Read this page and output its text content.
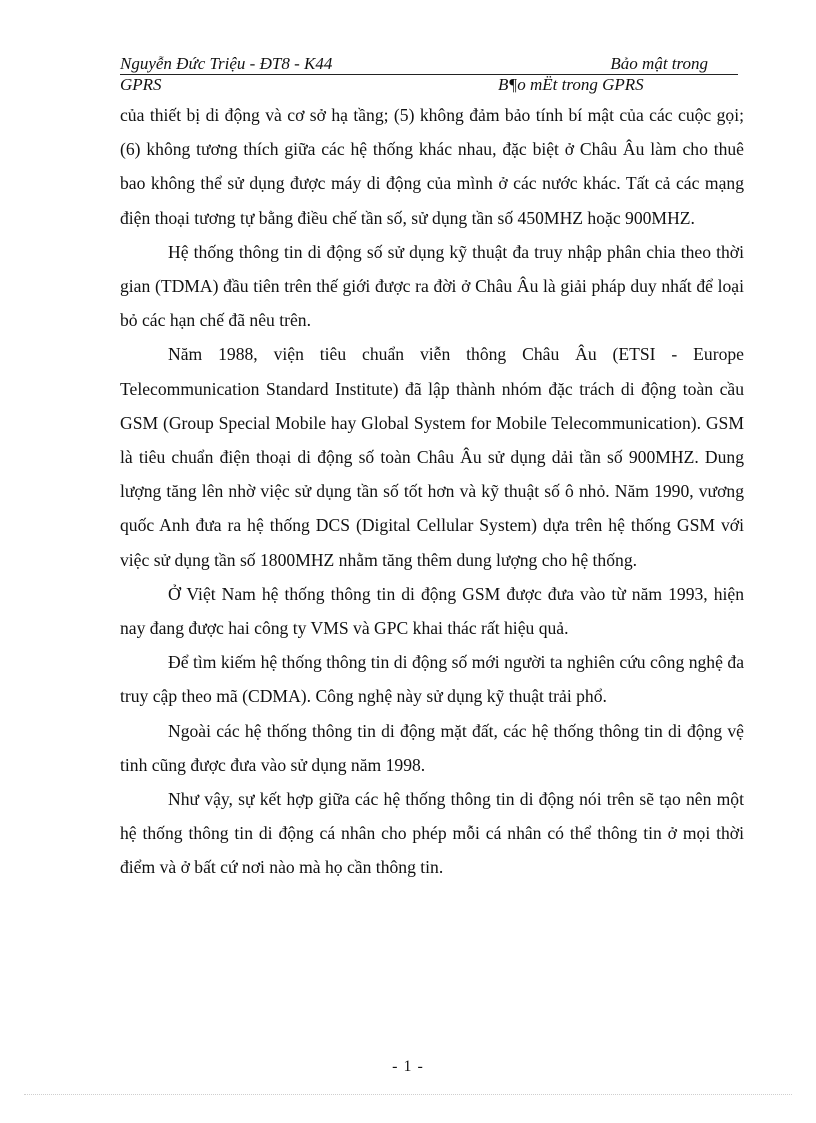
Nguyễn Đức Triệu - ĐT8 - K44	Bảo mật trong
GPRS	B¶o mËt trong GPRS

của thiết bị di động và cơ sở hạ tầng; (5) không đảm bảo tính bí mật của các cuộc gọi; (6) không tương thích giữa các hệ thống khác nhau, đặc biệt ở Châu Âu làm cho thuê bao không thể sử dụng được máy di động của mình ở các nước khác. Tất cả các mạng điện thoại tương tự bằng điều chế tần số, sử dụng tần số 450MHZ hoặc 900MHZ.

Hệ thống thông tin di động số sử dụng kỹ thuật đa truy nhập phân chia theo thời gian (TDMA) đầu tiên trên thế giới được ra đời ở Châu Âu là giải pháp duy nhất để loại bỏ các hạn chế đã nêu trên.

Năm 1988, viện tiêu chuẩn viễn thông Châu Âu (ETSI - Europe Telecommunication Standard Institute) đã lập thành nhóm đặc trách di động toàn cầu GSM (Group Special Mobile hay Global System for Mobile Telecommunication). GSM là tiêu chuẩn điện thoại di động số toàn Châu Âu sử dụng dải tần số 900MHZ. Dung lượng tăng lên nhờ việc sử dụng tần số tốt hơn và kỹ thuật số ô nhỏ. Năm 1990, vương quốc Anh đưa ra hệ thống DCS (Digital Cellular System) dựa trên hệ thống GSM với việc sử dụng tần số 1800MHZ nhằm tăng thêm dung lượng cho hệ thống.

Ở Việt Nam hệ thống thông tin di động GSM được đưa vào từ năm 1993, hiện nay đang được hai công ty VMS và GPC khai thác rất hiệu quả.

Để tìm kiếm hệ thống thông tin di động số mới người ta nghiên cứu công nghệ đa truy cập theo mã (CDMA). Công nghệ này sử dụng kỹ thuật trải phổ.

Ngoài các hệ thống thông tin di động mặt đất, các hệ thống thông tin di động vệ tinh cũng được đưa vào sử dụng năm 1998.

Như vậy, sự kết hợp giữa các hệ thống thông tin di động nói trên sẽ tạo nên một hệ thống thông tin di động cá nhân cho phép mỗi cá nhân có thể thông tin ở mọi thời điểm và ở bất cứ nơi nào mà họ cần thông tin.

- 1 -
